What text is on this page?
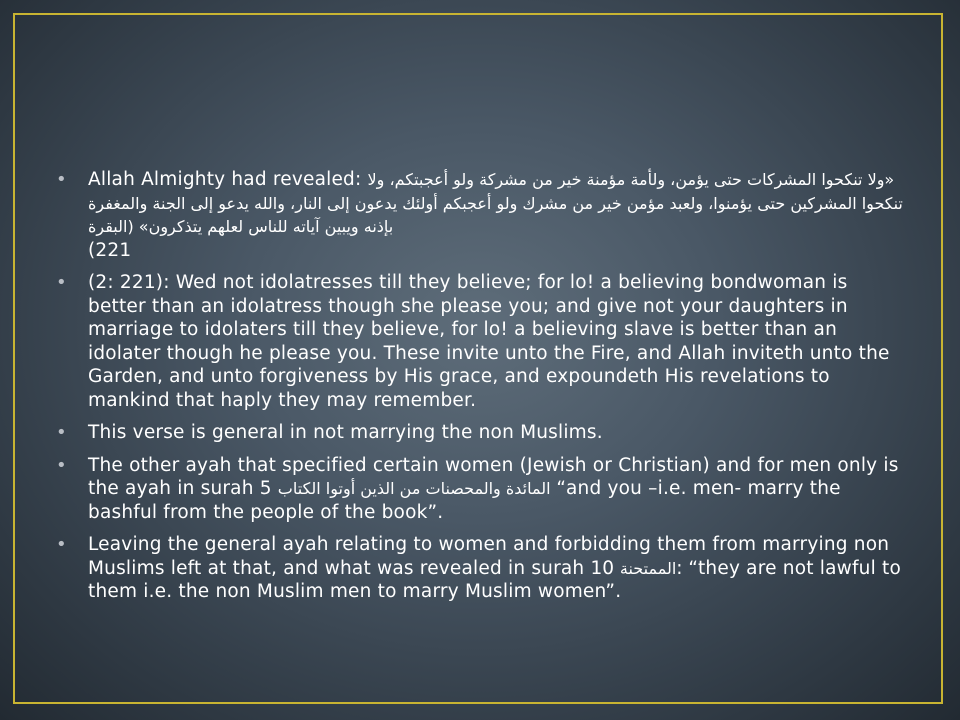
• Allah Almighty had revealed: «ولا تنكحوا المشركات حتى يؤمن، ولأمة مؤمنة خير من مشركة ولو أعجبتكم، ولا تنكحوا المشركين حتى يؤمنوا، ولعبد مؤمن خير من مشرك ولو أعجبكم أولئك يدعون إلى النار، والله يدعو إلى الجنة والمغفرة بإذنه ويبين آياته للناس لعلهم يتذكرون» (البقرة
(221
• (2: 221): Wed not idolatresses till they believe; for lo! a believing bondwoman is better than an idolatress though she please you; and give not your daughters in marriage to idolaters till they believe, for lo! a believing slave is better than an idolater though he please you. These invite unto the Fire, and Allah inviteth unto the Garden, and unto forgiveness by His grace, and expoundeth His revelations to mankind that haply they may remember.
• This verse is general in not marrying the non Muslims.
• The other ayah that specified certain women (Jewish or Christian) and for men only is the ayah in surah 5 المائدة والمحصنات من الذين أوتوا الكتاب “and you –i.e. men- marry the bashful from the people of the book”.
• Leaving the general ayah relating to women and forbidding them from marrying non Muslims left at that, and what was revealed in surah الممتحنة 10: “they are not lawful to them i.e. the non Muslim men to marry Muslim women”.
